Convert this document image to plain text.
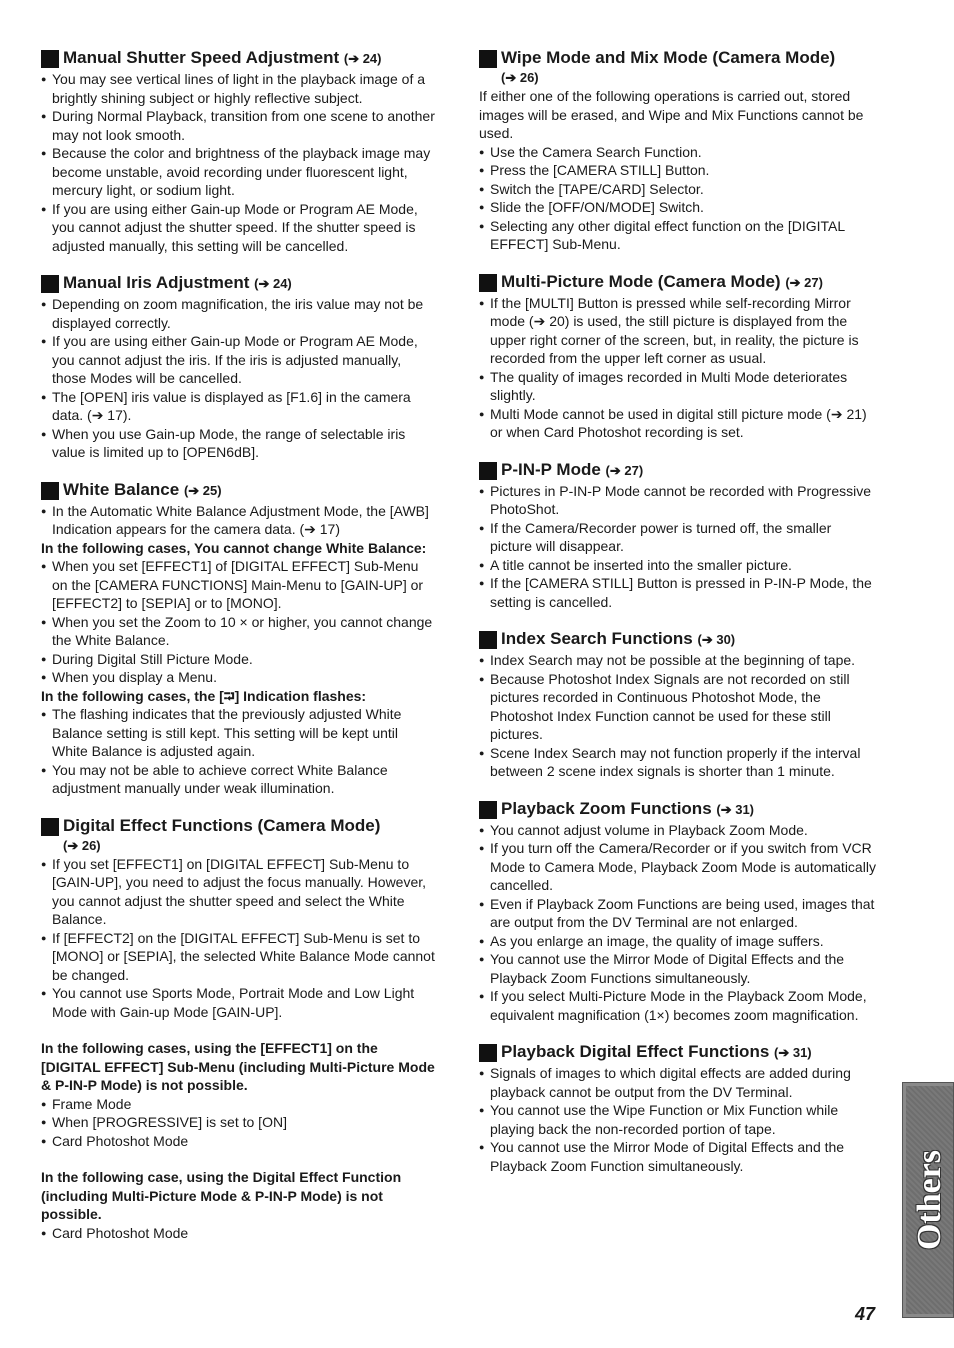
Manual Shutter Speed Adjustment (➔ 24)
● You may see vertical lines of light in the playback image of a brightly shining subject or highly reflective subject.
● During Normal Playback, transition from one scene to another may not look smooth.
● Because the color and brightness of the playback image may become unstable, avoid recording under fluorescent light, mercury light, or sodium light.
● If you are using either Gain-up Mode or Program AE Mode, you cannot adjust the shutter speed. If the shutter speed is adjusted manually, this setting will be cancelled.
Manual Iris Adjustment (➔ 24)
● Depending on zoom magnification, the iris value may not be displayed correctly.
● If you are using either Gain-up Mode or Program AE Mode, you cannot adjust the iris. If the iris is adjusted manually, those Modes will be cancelled.
● The [OPEN] iris value is displayed as [F1.6] in the camera data. (➔ 17).
● When you use Gain-up Mode, the range of selectable iris value is limited up to [OPEN6dB].
White Balance (➔ 25)
● In the Automatic White Balance Adjustment Mode, the [AWB] Indication appears for the camera data. (➔ 17)
In the following cases, You cannot change White Balance:
● When you set [EFFECT1] of [DIGITAL EFFECT] Sub-Menu on the [CAMERA FUNCTIONS] Main-Menu to [GAIN-UP] or [EFFECT2] to [SEPIA] or to [MONO].
● When you set the Zoom to 10 × or higher, you cannot change the White Balance.
● During Digital Still Picture Mode.
● When you display a Menu.
In the following cases, the [⮒] Indication flashes:
● The flashing indicates that the previously adjusted White Balance setting is still kept. This setting will be kept until White Balance is adjusted again.
● You may not be able to achieve correct White Balance adjustment manually under weak illumination.
Digital Effect Functions (Camera Mode)
(➔ 26)
● If you set [EFFECT1] on [DIGITAL EFFECT] Sub-Menu to [GAIN-UP], you need to adjust the focus manually. However, you cannot adjust the shutter speed and select the White Balance.
● If [EFFECT2] on the [DIGITAL EFFECT] Sub-Menu is set to [MONO] or [SEPIA], the selected White Balance Mode cannot be changed.
● You cannot use Sports Mode, Portrait Mode and Low Light Mode with Gain-up Mode [GAIN-UP].
In the following cases, using the [EFFECT1] on the [DIGITAL EFFECT] Sub-Menu (including Multi-Picture Mode & P-IN-P Mode) is not possible.
● Frame Mode
● When [PROGRESSIVE] is set to [ON]
● Card Photoshot Mode
In the following case, using the Digital Effect Function (including Multi-Picture Mode & P-IN-P Mode) is not possible.
● Card Photoshot Mode
Wipe Mode and Mix Mode (Camera Mode)
(➔ 26)
If either one of the following operations is carried out, stored images will be erased, and Wipe and Mix Functions cannot be used.
● Use the Camera Search Function.
● Press the [CAMERA STILL] Button.
● Switch the [TAPE/CARD] Selector.
● Slide the [OFF/ON/MODE] Switch.
● Selecting any other digital effect function on the [DIGITAL EFFECT] Sub-Menu.
Multi-Picture Mode (Camera Mode) (➔ 27)
● If the [MULTI] Button is pressed while self-recording Mirror mode (➔ 20) is used, the still picture is displayed from the upper right corner of the screen, but, in reality, the picture is recorded from the upper left corner as usual.
● The quality of images recorded in Multi Mode deteriorates slightly.
● Multi Mode cannot be used in digital still picture mode (➔ 21) or when Card Photoshot recording is set.
P-IN-P Mode (➔ 27)
● Pictures in P-IN-P Mode cannot be recorded with Progressive PhotoShot.
● If the Camera/Recorder power is turned off, the smaller picture will disappear.
● A title cannot be inserted into the smaller picture.
● If the [CAMERA STILL] Button is pressed in P-IN-P Mode, the setting is cancelled.
Index Search Functions (➔ 30)
● Index Search may not be possible at the beginning of tape.
● Because Photoshot Index Signals are not recorded on still pictures recorded in Continuous Photoshot Mode, the Photoshot Index Function cannot be used for these still pictures.
● Scene Index Search may not function properly if the interval between 2 scene index signals is shorter than 1 minute.
Playback Zoom Functions (➔ 31)
● You cannot adjust volume in Playback Zoom Mode.
● If you turn off the Camera/Recorder or if you switch from VCR Mode to Camera Mode, Playback Zoom Mode is automatically cancelled.
● Even if Playback Zoom Functions are being used, images that are output from the DV Terminal are not enlarged.
● As you enlarge an image, the quality of image suffers.
● You cannot use the Mirror Mode of Digital Effects and the Playback Zoom Functions simultaneously.
● If you select Multi-Picture Mode in the Playback Zoom Mode, equivalent magnification (1×) becomes zoom magnification.
Playback Digital Effect Functions (➔ 31)
● Signals of images to which digital effects are added during playback cannot be output from the DV Terminal.
● You cannot use the Wipe Function or Mix Function while playing back the non-recorded portion of tape.
● You cannot use the Mirror Mode of Digital Effects and the Playback Zoom Function simultaneously.	Others
47
